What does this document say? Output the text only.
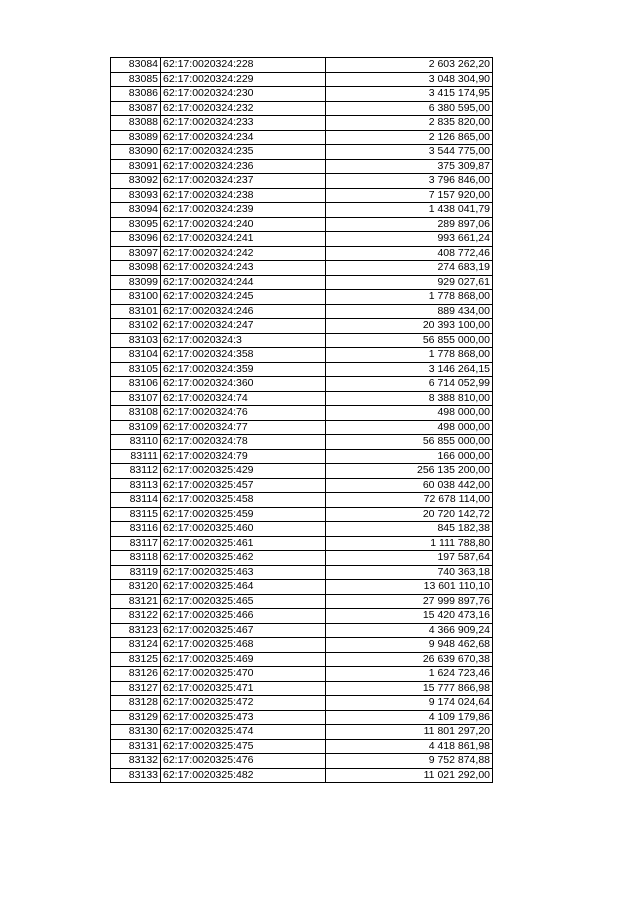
83084	62:17:0020324:228	2 603 262,20
83085	62:17:0020324:229	3 048 304,90
83086	62:17:0020324:230	3 415 174,95
83087	62:17:0020324:232	6 380 595,00
83088	62:17:0020324:233	2 835 820,00
83089	62:17:0020324:234	2 126 865,00
83090	62:17:0020324:235	3 544 775,00
83091	62:17:0020324:236	375 309,87
83092	62:17:0020324:237	3 796 846,00
83093	62:17:0020324:238	7 157 920,00
83094	62:17:0020324:239	1 438 041,79
83095	62:17:0020324:240	289 897,06
83096	62:17:0020324:241	993 661,24
83097	62:17:0020324:242	408 772,46
83098	62:17:0020324:243	274 683,19
83099	62:17:0020324:244	929 027,61
83100	62:17:0020324:245	1 778 868,00
83101	62:17:0020324:246	889 434,00
83102	62:17:0020324:247	20 393 100,00
83103	62:17:0020324:3	56 855 000,00
83104	62:17:0020324:358	1 778 868,00
83105	62:17:0020324:359	3 146 264,15
83106	62:17:0020324:360	6 714 052,99
83107	62:17:0020324:74	8 388 810,00
83108	62:17:0020324:76	498 000,00
83109	62:17:0020324:77	498 000,00
83110	62:17:0020324:78	56 855 000,00
83111	62:17:0020324:79	166 000,00
83112	62:17:0020325:429	256 135 200,00
83113	62:17:0020325:457	60 038 442,00
83114	62:17:0020325:458	72 678 114,00
83115	62:17:0020325:459	20 720 142,72
83116	62:17:0020325:460	845 182,38
83117	62:17:0020325:461	1 111 788,80
83118	62:17:0020325:462	197 587,64
83119	62:17:0020325:463	740 363,18
83120	62:17:0020325:464	13 601 110,10
83121	62:17:0020325:465	27 999 897,76
83122	62:17:0020325:466	15 420 473,16
83123	62:17:0020325:467	4 366 909,24
83124	62:17:0020325:468	9 948 462,68
83125	62:17:0020325:469	26 639 670,38
83126	62:17:0020325:470	1 624 723,46
83127	62:17:0020325:471	15 777 866,98
83128	62:17:0020325:472	9 174 024,64
83129	62:17:0020325:473	4 109 179,86
83130	62:17:0020325:474	11 801 297,20
83131	62:17:0020325:475	4 418 861,98
83132	62:17:0020325:476	9 752 874,88
83133	62:17:0020325:482	11 021 292,00
